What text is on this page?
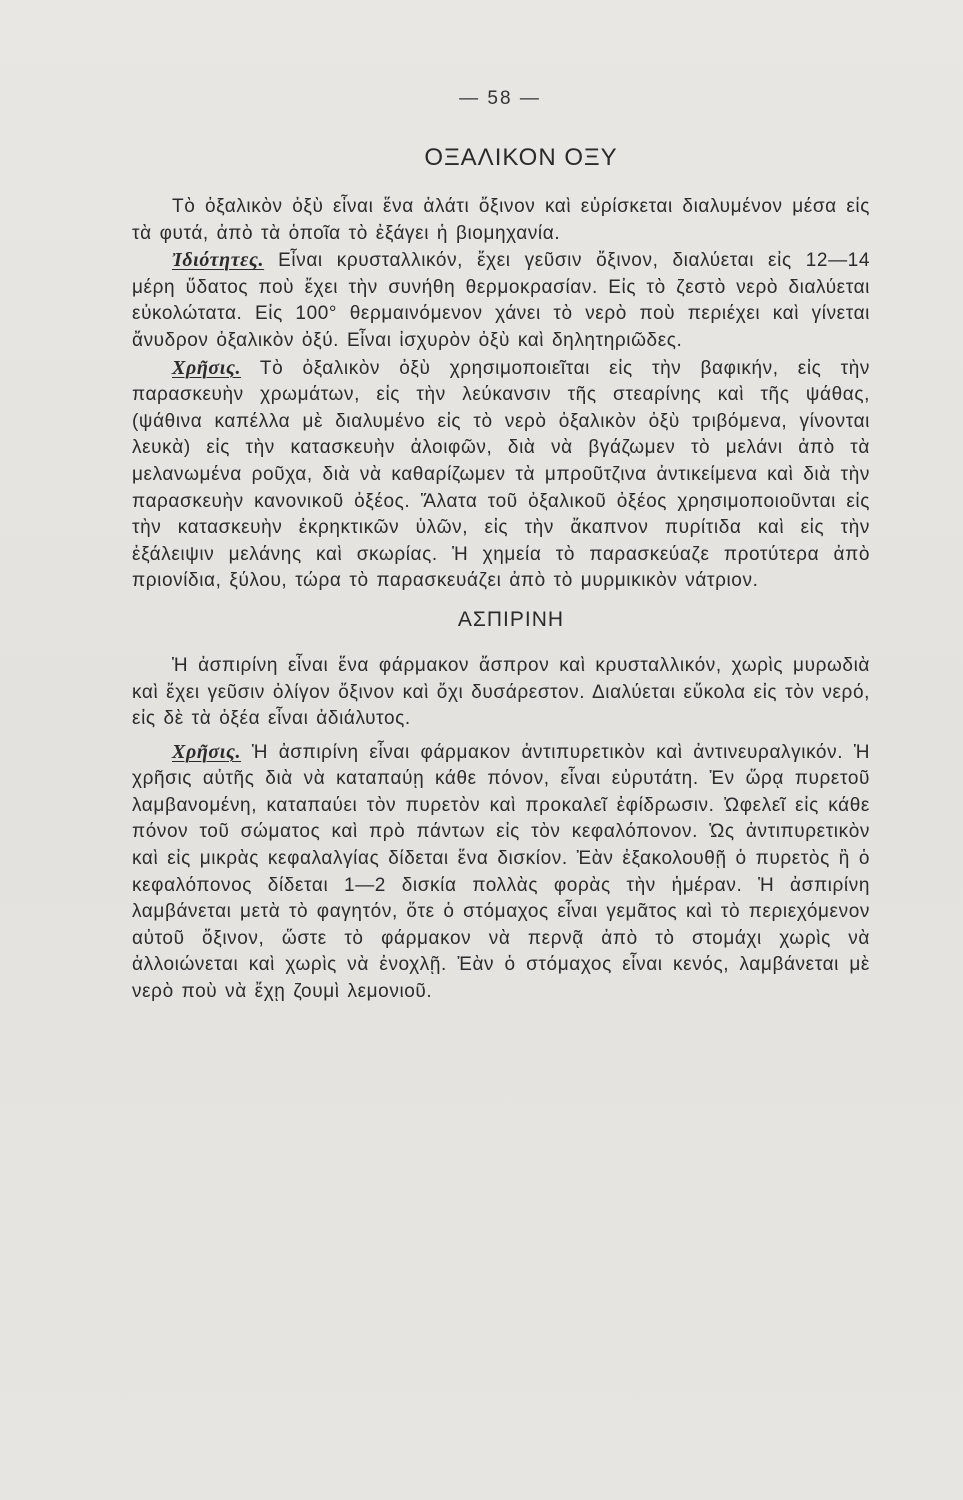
— 58 —
ΟΞΑΛΙΚΟΝ ΟΞΥ

Τὸ ὀξαλικὸν ὀξὺ εἶναι ἕνα ἁλάτι ὄξινον καὶ εὑρίσκεται διαλυμένον μέσα εἰς τὰ φυτά, ἀπὸ τὰ ὁποῖα τὸ ἐξάγει ἡ βιομηχανία.

Ἰδιότητες. Εἶναι κρυσταλλικόν, ἔχει γεῦσιν ὄξινον, διαλύεται εἰς 12—14 μέρη ὕδατος ποὺ ἔχει τὴν συνήθη θερμοκρασίαν. Εἰς τὸ ζεστὸ νερὸ διαλύεται εὐκολώτατα. Εἰς 100° θερμαινόμενον χάνει τὸ νερὸ ποὺ περιέχει καὶ γίνεται ἄνυδρον ὀξαλικὸν ὀξύ. Εἶναι ἰσχυρὸν ὀξὺ καὶ δηλητηριῶδες.

Χρῆσις. Τὸ ὀξαλικὸν ὀξὺ χρησιμοποιεῖται εἰς τὴν βαφικήν, εἰς τὴν παρασκευὴν χρωμάτων, εἰς τὴν λεύκανσιν τῆς στεαρίνης καὶ τῆς ψάθας, (ψάθινα καπέλλα μὲ διαλυμένο εἰς τὸ νερὸ ὀξαλικὸν ὀξὺ τριβόμενα, γίνονται λευκὰ) εἰς τὴν κατασκευὴν ἀλοιφῶν, διὰ νὰ βγάζωμεν τὸ μελάνι ἀπὸ τὰ μελανωμένα ροῦχα, διὰ νὰ καθαρίζωμεν τὰ μπροῦτζινα ἀντικείμενα καὶ διὰ τὴν παρασκευὴν κανονικοῦ ὀξέος. Ἅλατα τοῦ ὀξαλικοῦ ὀξέος χρησιμοποιοῦνται εἰς τὴν κατασκευὴν ἐκρηκτικῶν ὑλῶν, εἰς τὴν ἄκαπνον πυρίτιδα καὶ εἰς τὴν ἐξάλειψιν μελάνης καὶ σκωρίας. Ἡ χημεία τὸ παρασκεύαζε προτύτερα ἀπὸ πριονίδια, ξύλου, τώρα τὸ παρασκευάζει ἀπὸ τὸ μυρμικικὸν νάτριον.

ΑΣΠΙΡΙΝΗ

Ἡ ἀσπιρίνη εἶναι ἕνα φάρμακον ἄσπρον καὶ κρυσταλλικόν, χωρὶς μυρωδιὰ καὶ ἔχει γεῦσιν ὀλίγον ὄξινον καὶ ὄχι δυσάρεστον. Διαλύεται εὔκολα εἰς τὸν νερό, εἰς δὲ τὰ ὀξέα εἶναι ἀδιάλυτος.

Χρῆσις. Ἡ ἀσπιρίνη εἶναι φάρμακον ἀντιπυρετικὸν καὶ ἀντινευραλγικόν. Ἡ χρῆσις αὐτῆς διὰ νὰ καταπαύῃ κάθε πόνον, εἶναι εὐρυτάτη. Ἐν ὥρᾳ πυρετοῦ λαμβανομένη, καταπαύει τὸν πυρετὸν καὶ προκαλεῖ ἐφίδρωσιν. Ὠφελεῖ εἰς κάθε πόνον τοῦ σώματος καὶ πρὸ πάντων εἰς τὸν κεφαλόπονον. Ὡς ἀντιπυρετικὸν καὶ εἰς μικρὰς κεφαλαλγίας δίδεται ἕνα δισκίον. Ἐὰν ἐξακολουθῇ ὁ πυρετὸς ἢ ὁ κεφαλόπονος δίδεται 1—2 δισκία πολλὰς φορὰς τὴν ἡμέραν. Ἡ ἀσπιρίνη λαμβάνεται μετὰ τὸ φαγητόν, ὅτε ὁ στόμαχος εἶναι γεμᾶτος καὶ τὸ περιεχόμενον αὐτοῦ ὄξινον, ὥστε τὸ φάρμακον νὰ περνᾷ ἀπὸ τὸ στομάχι χωρὶς νὰ ἀλλοιώνεται καὶ χωρὶς νὰ ἐνοχλῇ. Ἐὰν ὁ στόμαχος εἶναι κενός, λαμβάνεται μὲ νερὸ ποὺ νὰ ἔχῃ ζουμὶ λεμονιοῦ.
